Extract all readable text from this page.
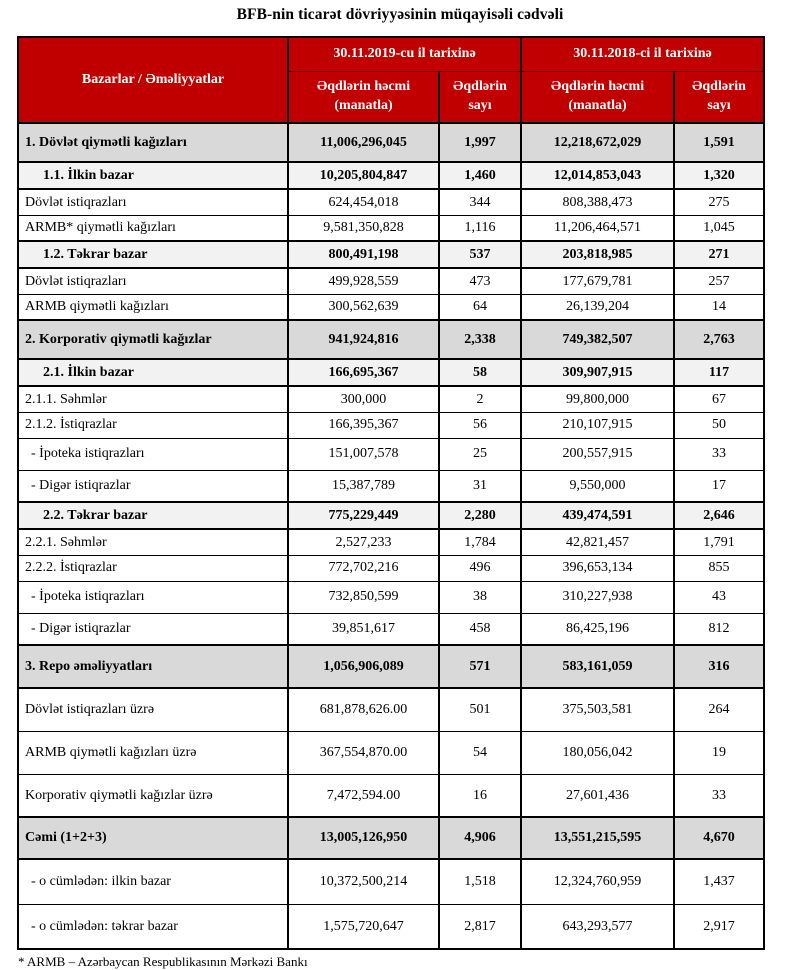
BFB-nin ticarət dövriyyəsinin müqayisəli cədvəli
Bazarlar / Əməliyyatlar	30.11.2019-cu il tarixinə		30.11.2018-ci il tarixinə	
	Əqdlərin həcmi (manatla)	Əqdlərin sayı	Əqdlərin həcmi (manatla)	Əqdlərin sayı
1. Dövlət qiymətli kağızları	11,006,296,045	1,997	12,218,672,029	1,591
1.1. İlkin bazar	10,205,804,847	1,460	12,014,853,043	1,320
Dövlət istiqrazları	624,454,018	344	808,388,473	275
ARMB* qiymətli kağızları	9,581,350,828	1,116	11,206,464,571	1,045
1.2. Təkrar bazar	800,491,198	537	203,818,985	271
Dövlət istiqrazları	499,928,559	473	177,679,781	257
ARMB qiymətli kağızları	300,562,639	64	26,139,204	14
2. Korporativ qiymətli kağızlar	941,924,816	2,338	749,382,507	2,763
2.1. İlkin bazar	166,695,367	58	309,907,915	117
2.1.1. Səhmlər	300,000	2	99,800,000	67
2.1.2. İstiqrazlar	166,395,367	56	210,107,915	50
- İpoteka istiqrazları	151,007,578	25	200,557,915	33
- Digər istiqrazlar	15,387,789	31	9,550,000	17
2.2. Təkrar bazar	775,229,449	2,280	439,474,591	2,646
2.2.1. Səhmlər	2,527,233	1,784	42,821,457	1,791
2.2.2. İstiqrazlar	772,702,216	496	396,653,134	855
- İpoteka istiqrazları	732,850,599	38	310,227,938	43
- Digər istiqrazlar	39,851,617	458	86,425,196	812
3. Repo əməliyyatları	1,056,906,089	571	583,161,059	316
Dövlət istiqrazları üzrə	681,878,626.00	501	375,503,581	264
ARMB qiymətli kağızları üzrə	367,554,870.00	54	180,056,042	19
Korporativ qiymətli kağızlar üzrə	7,472,594.00	16	27,601,436	33
Cəmi (1+2+3)	13,005,126,950	4,906	13,551,215,595	4,670
- o cümlədən: ilkin bazar	10,372,500,214	1,518	12,324,760,959	1,437
- o cümlədən: təkrar bazar	1,575,720,647	2,817	643,293,577	2,917
* ARMB – Azərbaycan Respublikasının Mərkəzi Bankı
